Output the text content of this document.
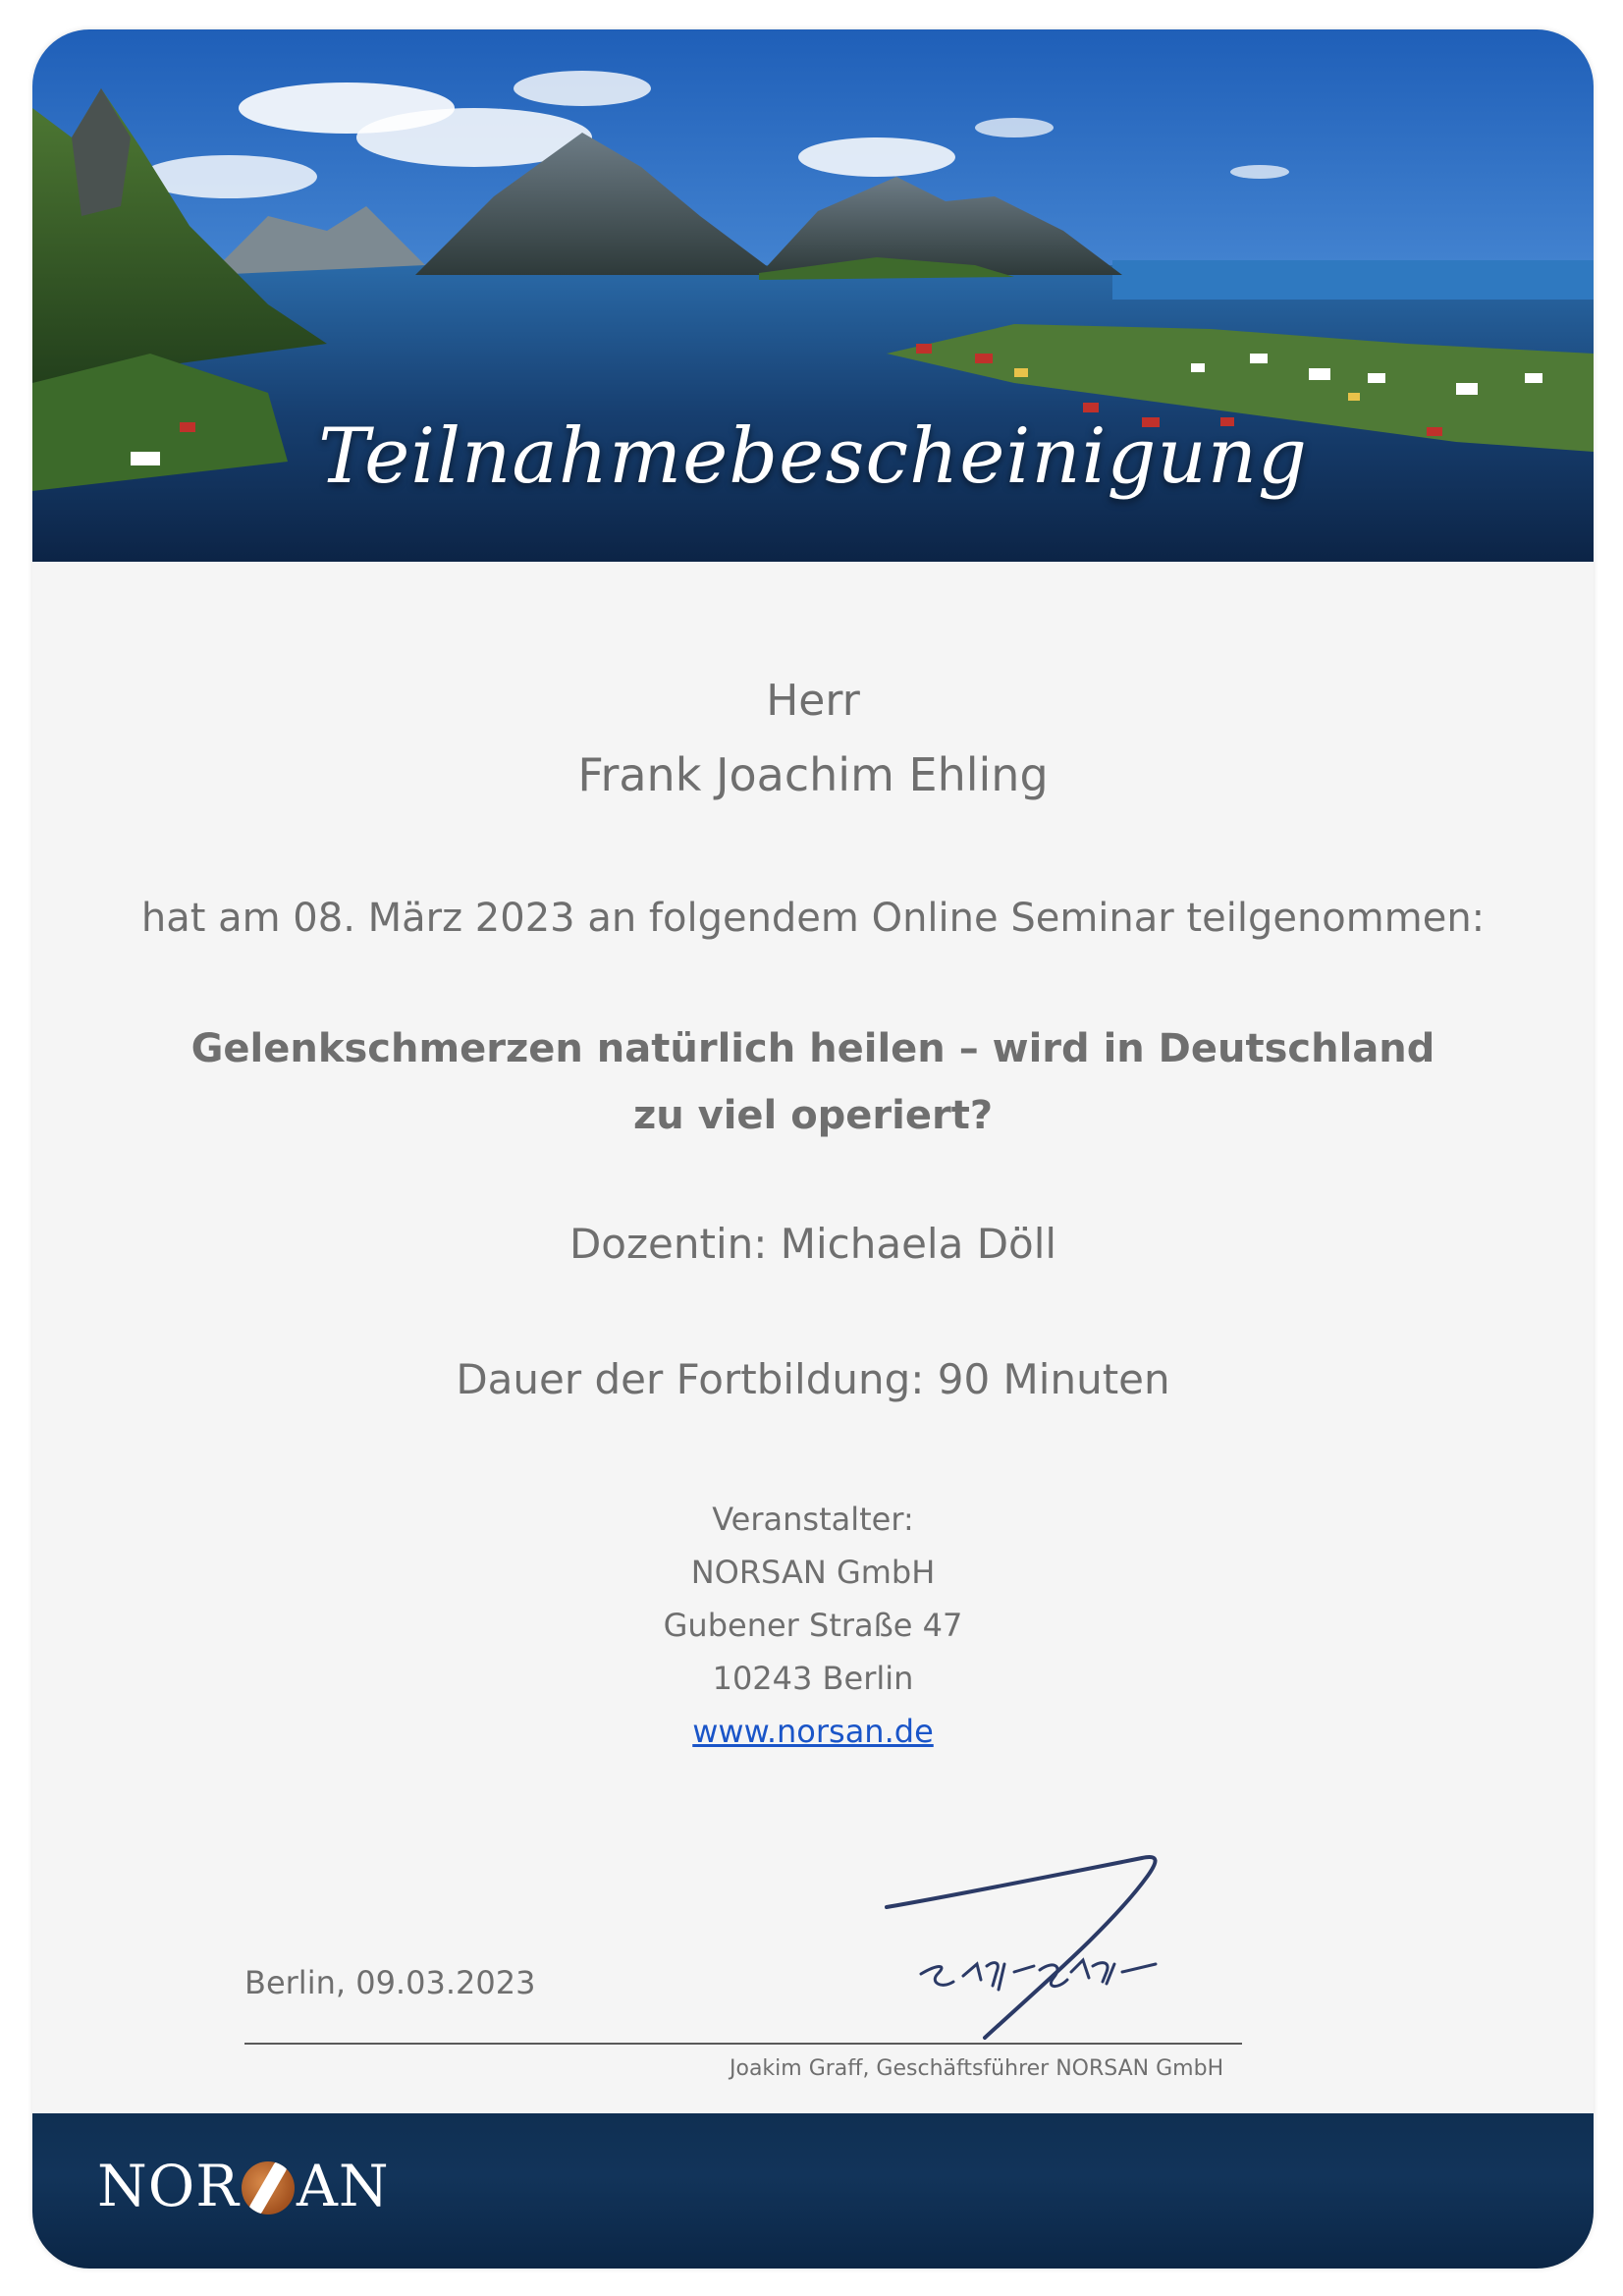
Teilnahmebescheinigung
Herr
Frank Joachim Ehling
hat am 08. März 2023 an folgendem Online Seminar teilgenommen:
Gelenkschmerzen natürlich heilen – wird in Deutschland zu viel operiert?
Dozentin: Michaela Döll
Dauer der Fortbildung: 90 Minuten
Veranstalter:
NORSAN GmbH
Gubener Straße 47
10243 Berlin
www.norsan.de
Berlin, 09.03.2023
Joakim Graff, Geschäftsführer NORSAN GmbH
NOR AN
